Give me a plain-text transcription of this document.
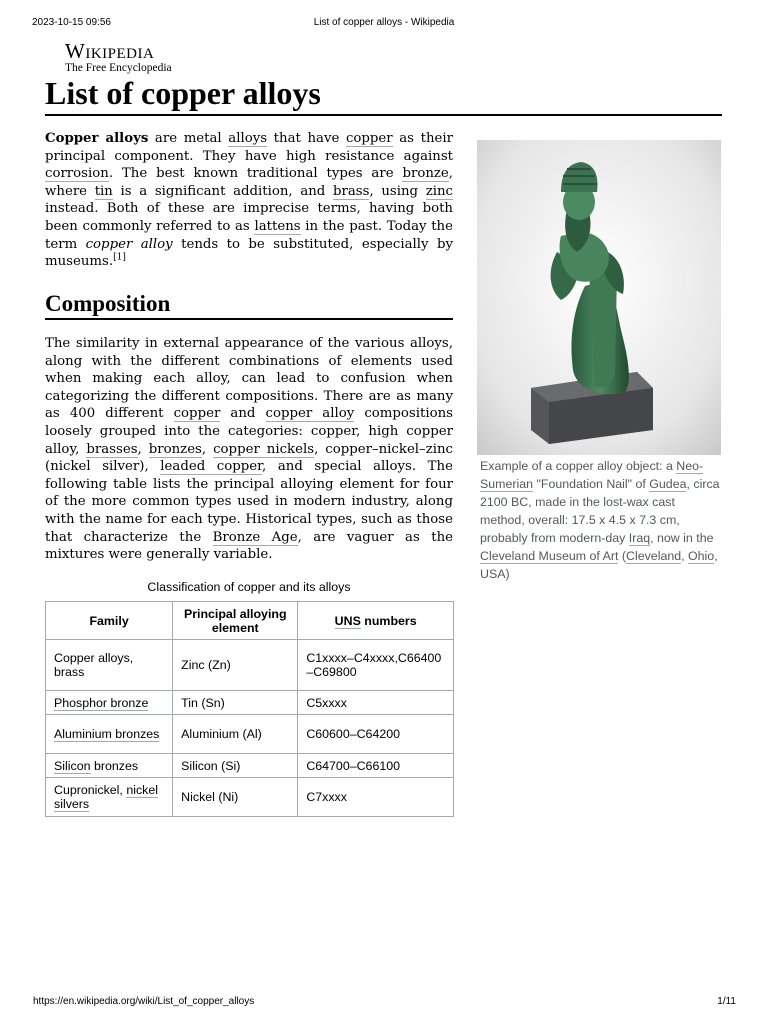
2023-10-15 09:56	List of copper alloys - Wikipedia
Wikipedia
The Free Encyclopedia
List of copper alloys
Copper alloys are metal alloys that have copper as their principal component. They have high resistance against corrosion. The best known traditional types are bronze, where tin is a significant addition, and brass, using zinc instead. Both of these are imprecise terms, having both been commonly referred to as lattens in the past. Today the term copper alloy tends to be substituted, especially by museums.[1]
Composition
The similarity in external appearance of the various alloys, along with the different combinations of elements used when making each alloy, can lead to confusion when categorizing the different compositions. There are as many as 400 different copper and copper alloy compositions loosely grouped into the categories: copper, high copper alloy, brasses, bronzes, copper nickels, copper–nickel–zinc (nickel silver), leaded copper, and special alloys. The following table lists the principal alloying element for four of the more common types used in modern industry, along with the name for each type. Historical types, such as those that characterize the Bronze Age, are vaguer as the mixtures were generally variable.
Example of a copper alloy object: a Neo-Sumerian "Foundation Nail" of Gudea, circa 2100 BC, made in the lost-wax cast method, overall: 17.5 x 4.5 x 7.3 cm, probably from modern-day Iraq, now in the Cleveland Museum of Art (Cleveland, Ohio, USA)
Classification of copper and its alloys
Family	Principal alloying element	UNS numbers
Copper alloys, brass	Zinc (Zn)	C1xxxx–C4xxxx,C66400–C69800
Phosphor bronze	Tin (Sn)	C5xxxx
Aluminium bronzes	Aluminium (Al)	C60600–C64200
Silicon bronzes	Silicon (Si)	C64700–C66100
Cupronickel, nickel silvers	Nickel (Ni)	C7xxxx
https://en.wikipedia.org/wiki/List_of_copper_alloys	1/11
